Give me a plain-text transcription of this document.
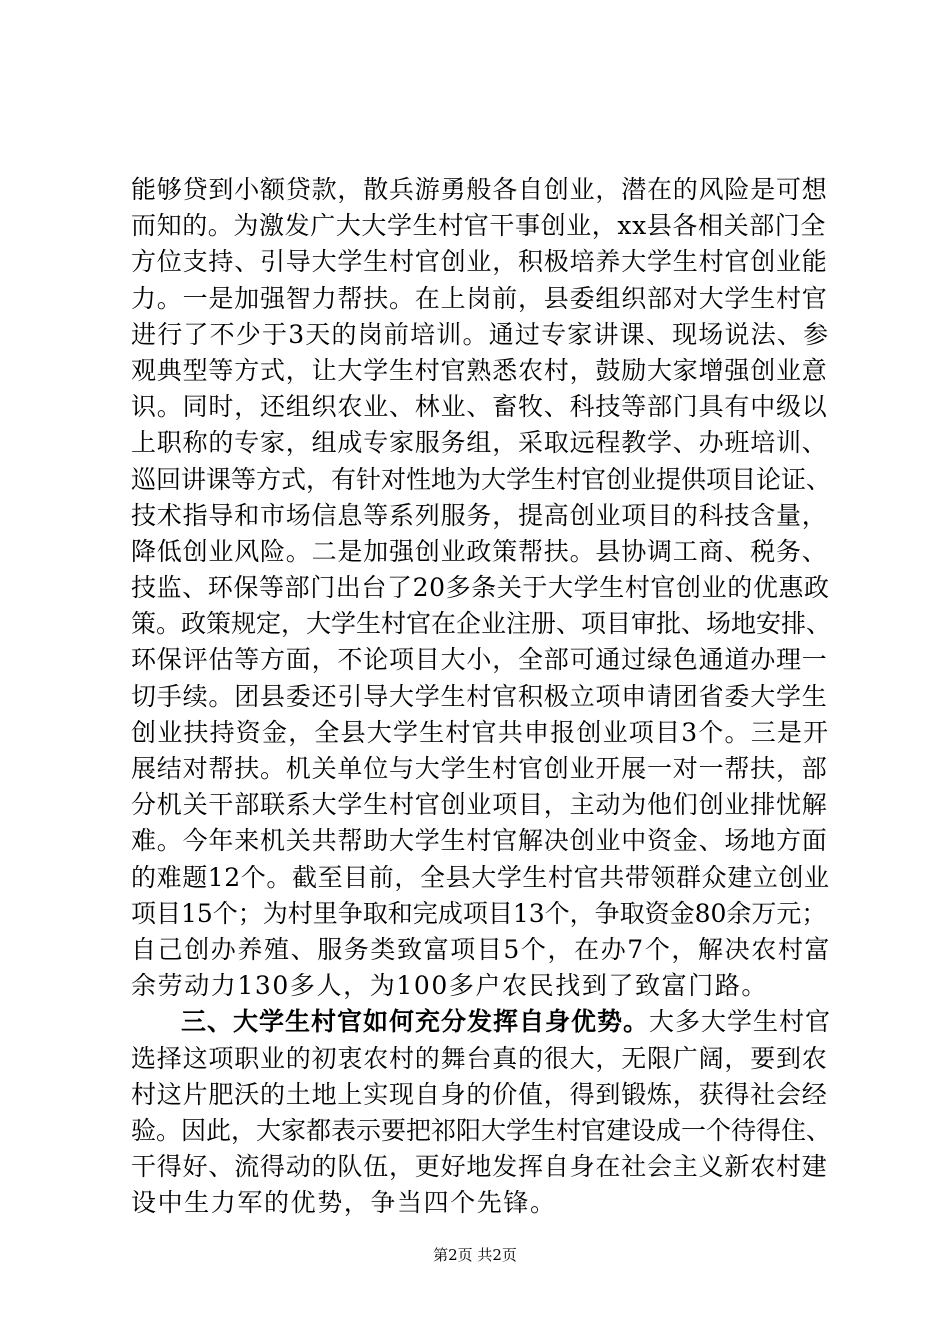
能够贷到小额贷款，散兵游勇般各自创业，潜在的风险是可想
而知的。为激发广大大学生村官干事创业，xx县各相关部门全
方位支持、引导大学生村官创业，积极培养大学生村官创业能
力。一是加强智力帮扶。在上岗前，县委组织部对大学生村官
进行了不少于3天的岗前培训。通过专家讲课、现场说法、参
观典型等方式，让大学生村官熟悉农村，鼓励大家增强创业意
识。同时，还组织农业、林业、畜牧、科技等部门具有中级以
上职称的专家，组成专家服务组，采取远程教学、办班培训、
巡回讲课等方式，有针对性地为大学生村官创业提供项目论证、
技术指导和市场信息等系列服务，提高创业项目的科技含量，
降低创业风险。二是加强创业政策帮扶。县协调工商、税务、
技监、环保等部门出台了20多条关于大学生村官创业的优惠政
策。政策规定，大学生村官在企业注册、项目审批、场地安排、
环保评估等方面，不论项目大小，全部可通过绿色通道办理一
切手续。团县委还引导大学生村官积极立项申请团省委大学生
创业扶持资金，全县大学生村官共申报创业项目3个。三是开
展结对帮扶。机关单位与大学生村官创业开展一对一帮扶，部
分机关干部联系大学生村官创业项目，主动为他们创业排忧解
难。今年来机关共帮助大学生村官解决创业中资金、场地方面
的难题12个。截至目前，全县大学生村官共带领群众建立创业
项目15个；为村里争取和完成项目13个，争取资金80余万元；
自己创办养殖、服务类致富项目5个，在办7个，解决农村富
余劳动力130多人，为100多户农民找到了致富门路。
三、大学生村官如何充分发挥自身优势。大多大学生村官
选择这项职业的初衷农村的舞台真的很大，无限广阔，要到农
村这片肥沃的土地上实现自身的价值，得到锻炼，获得社会经
验。因此，大家都表示要把祁阳大学生村官建设成一个待得住、
干得好、流得动的队伍，更好地发挥自身在社会主义新农村建
设中生力军的优势，争当四个先锋。
第2页 共2页
